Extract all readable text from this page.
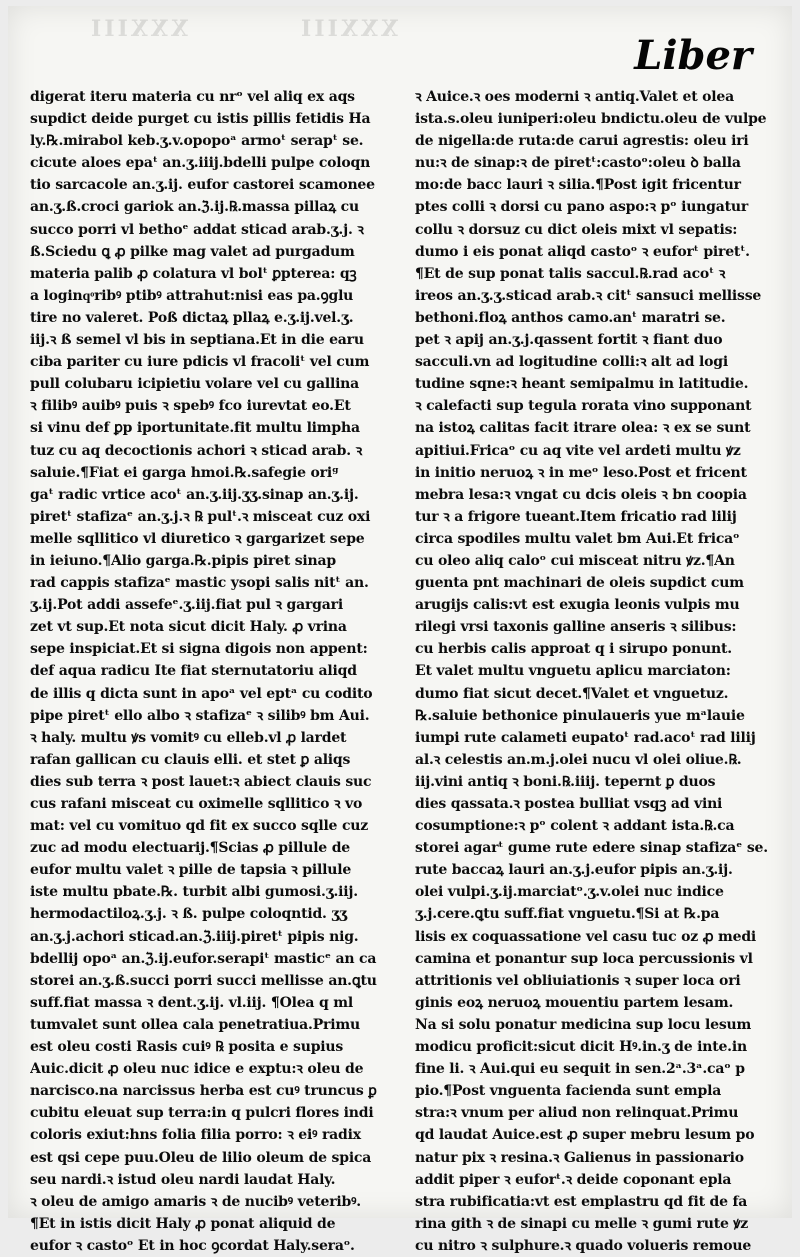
XXXIII	XXXIII
Liber
digerat iteru materia cu nrᵒ vel aliq ex aqs
supdict deide purget cu istis pillis fetidis Ha
ly.℞.mirabol keb.ʒ.v.opopoᵃ armoᵗ serapᵗ se.
cicute aloes epaᵗ an.ʒ.iiij.bdelli pulpe coloqn
tio sarcacole an.ʒ.ij. eufor castorei scamonee
an.ʒ.ß.croci gariok an.ℨ.ij.℞.massa pillaꝝ cu
succo porri vl bethoᵉ addat sticad arab.ʒ.j. ꝛ
ß.Sciedu ꝗ ꝓ pilke mag valet ad purgadum
materia palib ꝓ colatura vl bolᵗ ꝑpterea: qꝫ
a loginqͦribꝰ ptibꝰ attrahut:nisi eas pa.ꝯglu
tire no valeret. Poß dictaꝝ pllaꝝ e.ʒ.ij.vel.ʒ.
iij.ꝛ ß semel vl bis in septiana.Et in die earu
ciba pariter cu iure pdicis vl fracoliᵗ vel cum
pull colubaru icipietiu volare vel cu gallina
ꝛ filibꝰ auibꝰ puis ꝛ spebꝰ fco iurevtat eo.Et
si vinu def ꝑp iportunitate.fit multu limpha
tuz cu aq decoctionis achori ꝛ sticad arab. ꝛ
saluie.¶Fiat ei garga hmoi.℞.safegie oriᵍ
gaᵗ radic vrtice acoᵗ an.ʒ.iij.ʒʒ.sinap an.ʒ.ij.
piretᵗ stafizaᵉ an.ʒ.j.ꝛ ℞ pulᵗ.ꝛ misceat cuz oxi
melle sqllitico vl diuretico ꝛ gargarizet sepe
in ieiuno.¶Alio garga.℞.pipis piret sinap
rad cappis stafizaᵉ mastic ysopi salis nitᵗ an.
ʒ.ij.Pot addi assefeᵉ.ʒ.iij.fiat pul ꝛ gargari
zet vt sup.Et nota sicut dicit Haly. ꝓ vrina
sepe inspiciat.Et si signa digois non appent:
def aqua radicu Ite fiat sternutatoriu aliqd
de illis q dicta sunt in apoᵃ vel eptᵃ cu codito
pipe piretᵗ ello albo ꝛ stafizaᵉ ꝛ silibꝰ bm Aui.
ꝛ haly. multu ꝟs vomitꝰ cu elleb.vl ꝓ lardet
rafan gallican cu clauis elli. et stet ꝑ aliqs
dies sub terra ꝛ post lauet:ꝛ abiect clauis suc
cus rafani misceat cu oximelle sqllitico ꝛ vo
mat: vel cu vomituo qd fit ex succo sqlle cuz
zuc ad modu electuarij.¶Scias ꝓ pillule de
eufor multu valet ꝛ pille de tapsia ꝛ pillule
iste multu pbate.℞. turbit albi gumosi.ʒ.iij.
hermodactiloꝝ.ʒ.j. ꝛ ß. pulpe coloqntid. ʒʒ
an.ʒ.j.achori sticad.an.ℨ.iiij.piretᵗ pipis nig.
bdellij opoᵃ an.ℨ.ij.eufor.serapiᵗ masticᵉ an ca
storei an.ʒ.ß.succi porri succi mellisse an.ꝗtu
suff.fiat massa ꝛ dent.ʒ.ij. vl.iij. ¶Olea q ml
tumvalet sunt ollea cala penetratiua.Primu
est oleu costi Rasis cuiꝰ ℞ posita e supius
Auic.dicit ꝓ oleu nuc idice e exptu:ꝛ oleu de
narcisco.na narcissus herba est cuꝰ truncus ꝑ
cubitu eleuat sup terra:in q pulcri flores indi
coloris exiut:hns folia filia porro: ꝛ eiꝰ radix
est qsi cepe puu.Oleu de lilio oleum de spica
seu nardi.ꝛ istud oleu nardi laudat Haly.
ꝛ oleu de amigo amaris ꝛ de nucibꝰ veteribꝰ.
¶Et in istis dicit Haly ꝓ ponat aliquid de
eufor ꝛ castoᵒ Et in hoc ꝯcordat Haly.seraᵒ.
ꝛ Auice.ꝛ oes moderni ꝛ antiq.Valet et olea
ista.s.oleu iuniperi:oleu bndictu.oleu de vulpe
de nigella:de ruta:de carui agrestis: oleu iri
nu:ꝛ de sinap:ꝛ de piretᵗ:castoᵒ:oleu ꝺ balla
mo:de bacc lauri ꝛ silia.¶Post igit fricentur
ptes colli ꝛ dorsi cu pano aspo:ꝛ pᵒ iungatur
collu ꝛ dorsuz cu dict oleis mixt vl sepatis:
dumo i eis ponat aliqd castoᵒ ꝛ euforᵗ piretᵗ.
¶Et de sup ponat talis saccul.℞.rad acoᵗ ꝛ
ireos an.ʒ.ʒ.sticad arab.ꝛ citᵗ sansuci mellisse
bethoni.floꝝ anthos camo.anᵗ maratri se.
pet ꝛ apij an.ʒ.j.qassent fortit ꝛ fiant duo
sacculi.vn ad logitudine colli:ꝛ alt ad logi
tudine sqne:ꝛ heant semipalmu in latitudie.
ꝛ calefacti sup tegula rorata vino supponant
na istoꝝ calitas facit itrare olea: ꝛ ex se sunt
apitiui.Fricaᵒ cu aq vite vel ardeti multu ꝟz
in initio neruoꝝ ꝛ in meᵒ leso.Post et fricent
mebra lesa:ꝛ vngat cu dcis oleis ꝛ bn coopia
tur ꝛ a frigore tueant.Item fricatio rad lilij
circa spodiles multu valet bm Aui.Et fricaᵒ
cu oleo aliq caloᵒ cui misceat nitru ꝟz.¶An
guenta pnt machinari de oleis supdict cum
arugijs calis:vt est exugia leonis vulpis mu
rilegi vrsi taxonis galline anseris ꝛ silibus:
cu herbis calis approat q i sirupo ponunt.
Et valet multu vnguetu aplicu marciaton:
dumo fiat sicut decet.¶Valet et vnguetuz.
℞.saluie bethonice pinulaueris yue mᵃlauie
iumpi rute calameti eupatoᵗ rad.acoᵗ rad lilij
al.ꝛ celestis an.m.j.olei nucu vl olei oliue.℞.
iij.vini antiq ꝛ boni.℞.iiij. tepernt ꝑ duos
dies qassata.ꝛ postea bulliat vsqꝫ ad vini
cosumptione:ꝛ pᵒ colent ꝛ addant ista.℞.ca
storei agarᵗ gume rute edere sinap stafizaᵉ se.
rute baccaꝝ lauri an.ʒ.j.eufor pipis an.ʒ.ij.
olei vulpi.ʒ.ij.marciatᵒ.ʒ.v.olei nuc indice
ʒ.j.cere.ꝗtu suff.fiat vnguetu.¶Si at ℞.pa
lisis ex coquassatione vel casu tuc oz ꝓ medi
camina et ponantur sup loca percussionis vl
attritionis vel obliuiationis ꝛ super loca ori
ginis eoꝝ neruoꝝ mouentiu partem lesam.
Na si solu ponatur medicina sup locu lesum
modicu proficit:sicut dicit Hꝰ.in.ʒ de inte.in
fine li. ꝛ Aui.qui eu sequit in sen.2ᵃ.3ᵃ.caᵒ p
pio.¶Post vnguenta facienda sunt empla
stra:ꝛ vnum per aliud non relinquat.Primu
qd laudat Auice.est ꝓ super mebru lesum po
natur pix ꝛ resina.ꝛ Galienus in passionario
addit piper ꝛ euforᵗ.ꝛ deide coponant epla
stra rubificatia:vt est emplastru qd fit de fa
rina gith ꝛ de sinapi cu melle ꝛ gumi rute ꝟz
cu nitro ꝛ sulphure.ꝛ quado volueris remoue
